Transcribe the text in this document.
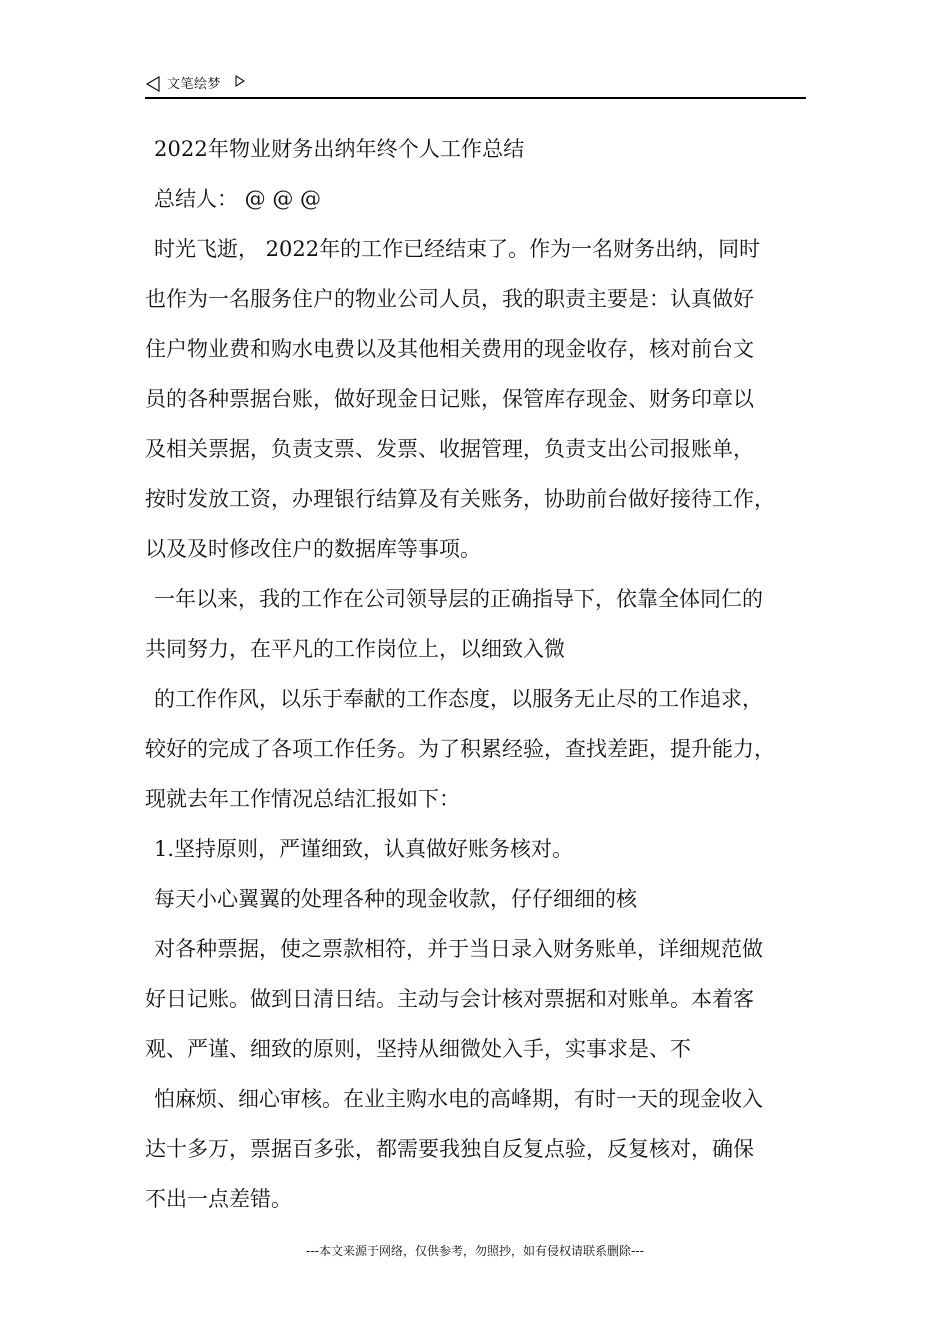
文笔绘梦
2022年物业财务出纳年终个人工作总结
总结人： @ @ @
时光飞逝， 2022年的工作已经结束了。作为一名财务出纳，同时
也作为一名服务住户的物业公司人员，我的职责主要是：认真做好
住户物业费和购水电费以及其他相关费用的现金收存，核对前台文
员的各种票据台账，做好现金日记账，保管库存现金、财务印章以
及相关票据，负责支票、发票、收据管理，负责支出公司报账单，
按时发放工资，办理银行结算及有关账务，协助前台做好接待工作，
以及及时修改住户的数据库等事项。
一年以来，我的工作在公司领导层的正确指导下，依靠全体同仁的
共同努力，在平凡的工作岗位上，以细致入微
的工作作风，以乐于奉献的工作态度，以服务无止尽的工作追求，
较好的完成了各项工作任务。为了积累经验，查找差距，提升能力，
现就去年工作情况总结汇报如下：
1.坚持原则，严谨细致，认真做好账务核对。
每天小心翼翼的处理各种的现金收款，仔仔细细的核
对各种票据，使之票款相符，并于当日录入财务账单，详细规范做
好日记账。做到日清日结。主动与会计核对票据和对账单。本着客
观、严谨、细致的原则，坚持从细微处入手，实事求是、不
怕麻烦、细心审核。在业主购水电的高峰期，有时一天的现金收入
达十多万，票据百多张，都需要我独自反复点验，反复核对，确保
不出一点差错。
---本文来源于网络，仅供参考，勿照抄，如有侵权请联系删除---
